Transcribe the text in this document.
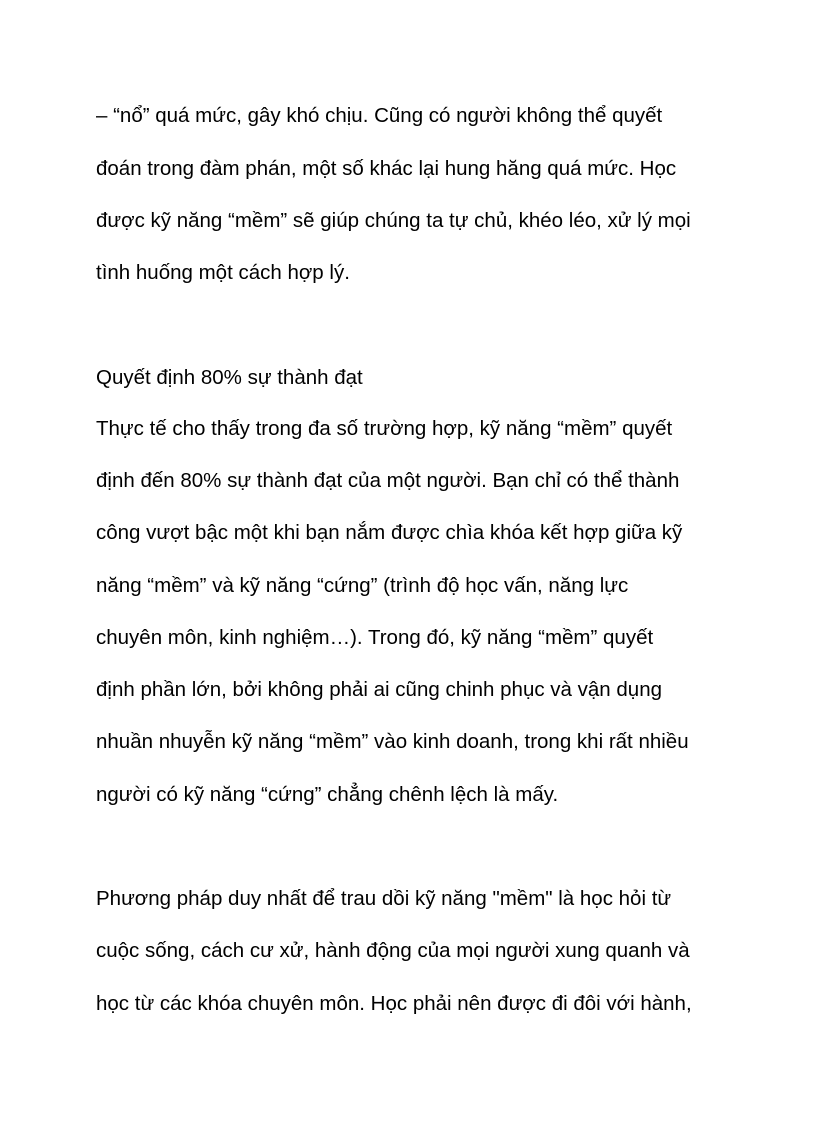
– “nổ” quá mức, gây khó chịu. Cũng có người không thể quyết

đoán trong đàm phán, một số khác lại hung hăng quá mức. Học

được kỹ năng “mềm” sẽ giúp chúng ta tự chủ, khéo léo, xử lý mọi

tình huống một cách hợp lý.

Quyết định 80% sự thành đạt

Thực tế cho thấy trong đa số trường hợp, kỹ năng “mềm” quyết

định đến 80% sự thành đạt của một người. Bạn chỉ có thể thành

công vượt bậc một khi bạn nắm được chìa khóa kết hợp giữa kỹ

năng “mềm” và kỹ năng “cứng” (trình độ học vấn, năng lực

chuyên môn, kinh nghiệm…). Trong đó, kỹ năng “mềm” quyết

định phần lớn, bởi không phải ai cũng chinh phục và vận dụng

nhuần nhuyễn kỹ năng “mềm” vào kinh doanh, trong khi rất nhiều

người có kỹ năng “cứng” chẳng chênh lệch là mấy.

Phương pháp duy nhất để trau dồi kỹ năng "mềm" là học hỏi từ

cuộc sống, cách cư xử, hành động của mọi người xung quanh và

học từ các khóa chuyên môn. Học phải nên được đi đôi với hành,
